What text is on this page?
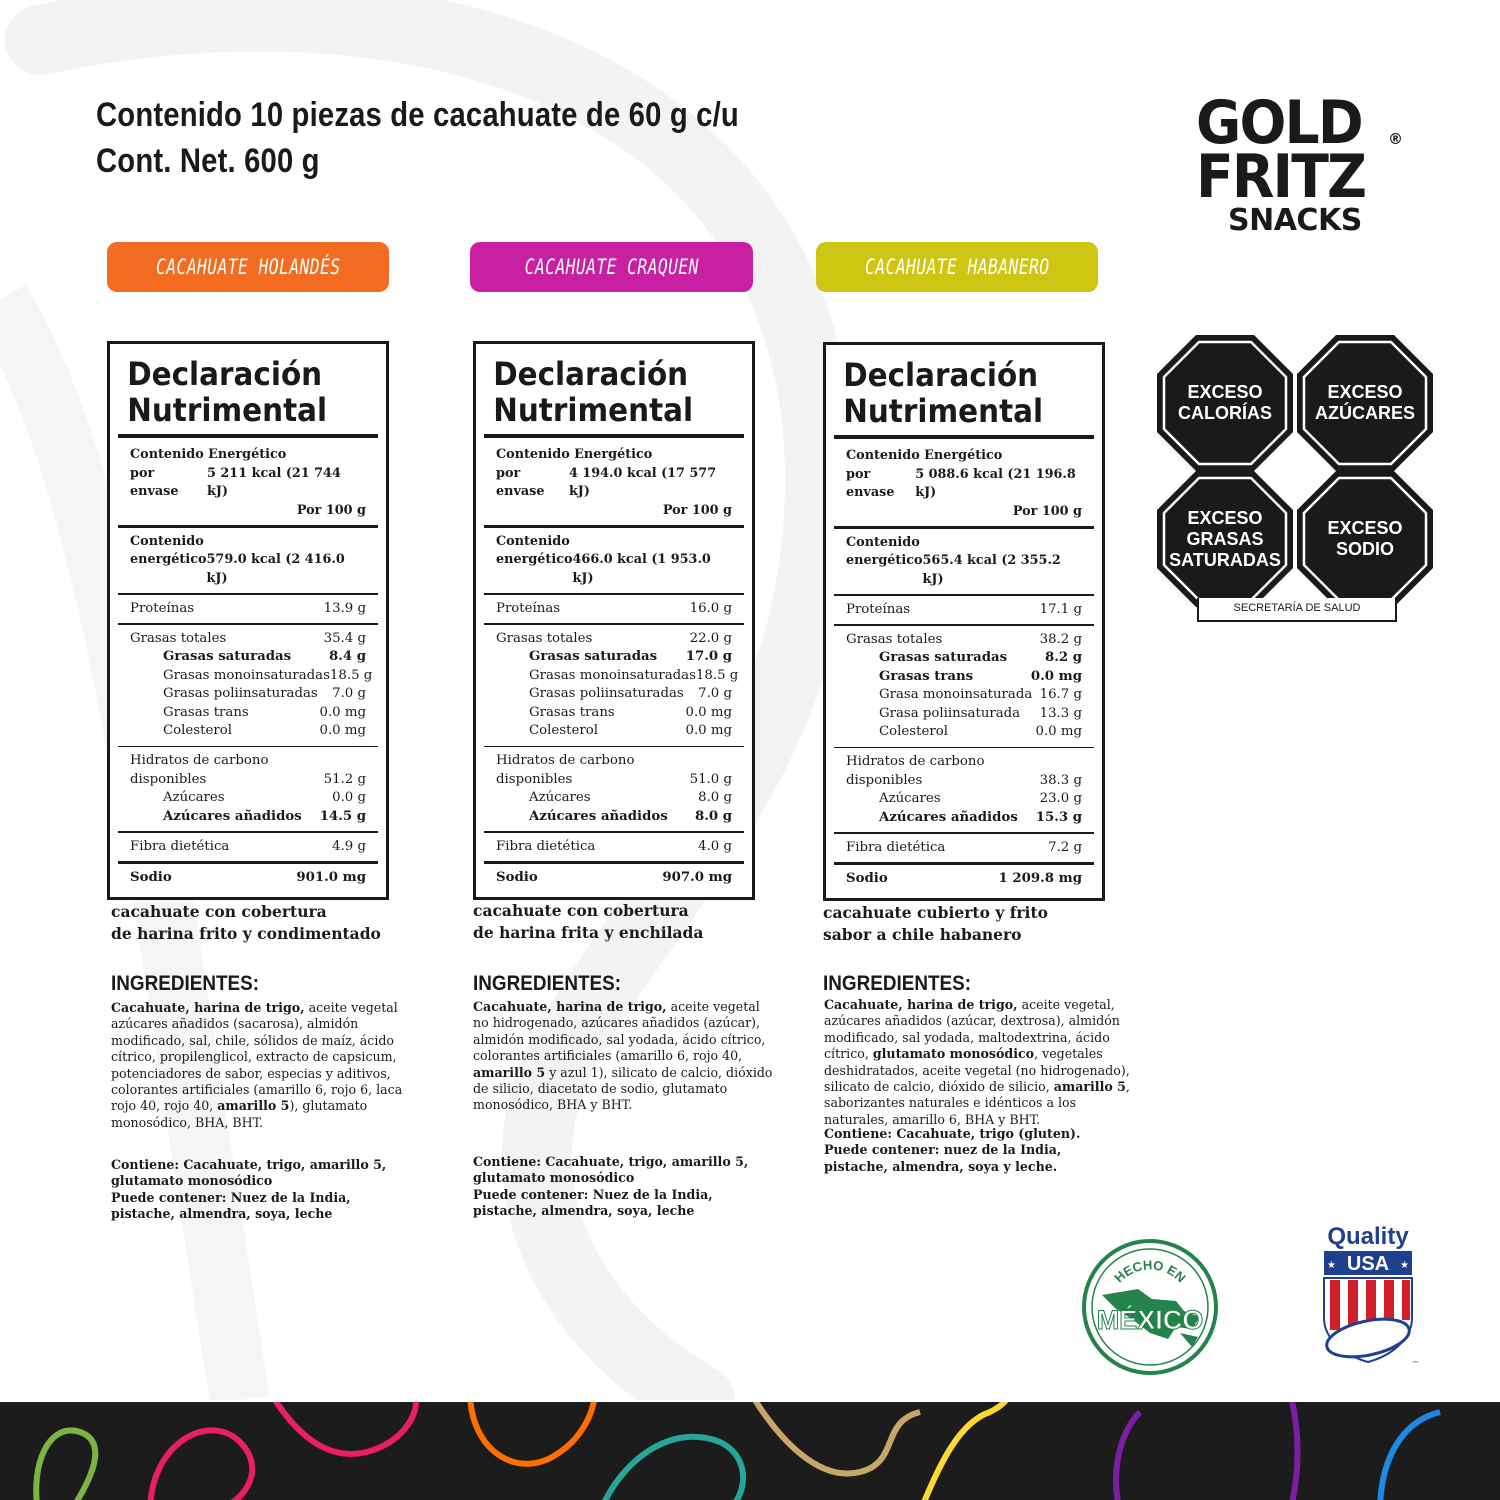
Contenido 10 piezas de cacahuate de 60 g c/u
Cont. Net. 600 g
GOLD	®
FRITZ
SNACKS
CACAHUATE HOLANDÉS	CACAHUATE CRAQUEN	CACAHUATE HABANERO
Declaración
Nutrimental
Contenido Energético
por envase
5 211 kcal (21 744 kJ)
Por 100 g
Contenido
energético 579.0 kcal (2 416.0 kJ)
Proteínas	13.9 g
Grasas totales	35.4 g
Grasas saturadas	8.4 g
Grasas monoinsaturadas 18.5 g
Grasas poliinsaturadas	7.0 g
Grasas trans	0.0 mg
Colesterol	0.0 mg
Hidratos de carbono
disponibles	51.2 g
Azúcares	0.0 g
Azúcares añadidos	14.5 g
Fibra dietética	4.9 g
Sodio	901.0 mg
Declaración
Nutrimental
Contenido Energético
por envase
4 194.0 kcal (17 577 kJ)
Por 100 g
Contenido
energético 466.0 kcal (1 953.0 kJ)
Proteínas	16.0 g
Grasas totales	22.0 g
Grasas saturadas	17.0 g
Grasas monoinsaturadas 18.5 g
Grasas poliinsaturadas	7.0 g
Grasas trans	0.0 mg
Colesterol	0.0 mg
Hidratos de carbono
disponibles	51.0 g
Azúcares	8.0 g
Azúcares añadidos	8.0 g
Fibra dietética	4.0 g
Sodio	907.0 mg
Declaración
Nutrimental
Contenido Energético
por envase
5 088.6 kcal (21 196.8 kJ)
Por 100 g
Contenido
energético 565.4 kcal (2 355.2 kJ)
Proteínas	17.1 g
Grasas totales	38.2 g
Grasas saturadas	8.2 g
Grasas trans	0.0 mg
Grasa monoinsaturada 16.7 g
Grasa poliinsaturada	13.3 g
Colesterol	0.0 mg
Hidratos de carbono
disponibles	38.3 g
Azúcares	23.0 g
Azúcares añadidos	15.3 g
Fibra dietética	7.2 g
Sodio	1 209.8 mg
cacahuate con cobertura
de harina frito y condimentado
cacahuate con cobertura
de harina frita y enchilada
cacahuate cubierto y frito
sabor a chile habanero
INGREDIENTES:	INGREDIENTES:	INGREDIENTES:
Cacahuate, harina de trigo, aceite vegetal azúcares añadidos (sacarosa), almidón modificado, sal, chile, sólidos de maíz, ácido cítrico, propilenglicol, extracto de capsicum, potenciadores de sabor, especias y aditivos, colorantes artificiales (amarillo 6, rojo 6, laca rojo 40, rojo 40, amarillo 5), glutamato monosódico, BHA, BHT.
Cacahuate, harina de trigo, aceite vegetal no hidrogenado, azúcares añadidos (azúcar), almidón modificado, sal yodada, ácido cítrico, colorantes artificiales (amarillo 6, rojo 40, amarillo 5 y azul 1), silicato de calcio, dióxido de silicio, diacetato de sodio, glutamato monosódico, BHA y BHT.
Cacahuate, harina de trigo, aceite vegetal, azúcares añadidos (azúcar, dextrosa), almidón modificado, sal yodada, maltodextrina, ácido cítrico, glutamato monosódico, vegetales deshidratados, aceite vegetal (no hidrogenado), silicato de calcio, dióxido de silicio, amarillo 5, saborizantes naturales e idénticos a los naturales, amarillo 6, BHA y BHT.
Contiene: Cacahuate, trigo, amarillo 5, glutamato monosódico
Puede contener: Nuez de la India, pistache, almendra, soya, leche
Contiene: Cacahuate, trigo, amarillo 5, glutamato monosódico
Puede contener: Nuez de la India, pistache, almendra, soya, leche
Contiene: Cacahuate, trigo (gluten).
Puede contener: nuez de la India, pistache, almendra, soya y leche.
EXCESO
CALORÍAS
EXCESO
AZÚCARES
EXCESO
GRASAS
SATURADAS
EXCESO
SODIO
SECRETARÍA DE SALUD
HECHO EN
MÉXICO
Quality
★	★
USA
™
